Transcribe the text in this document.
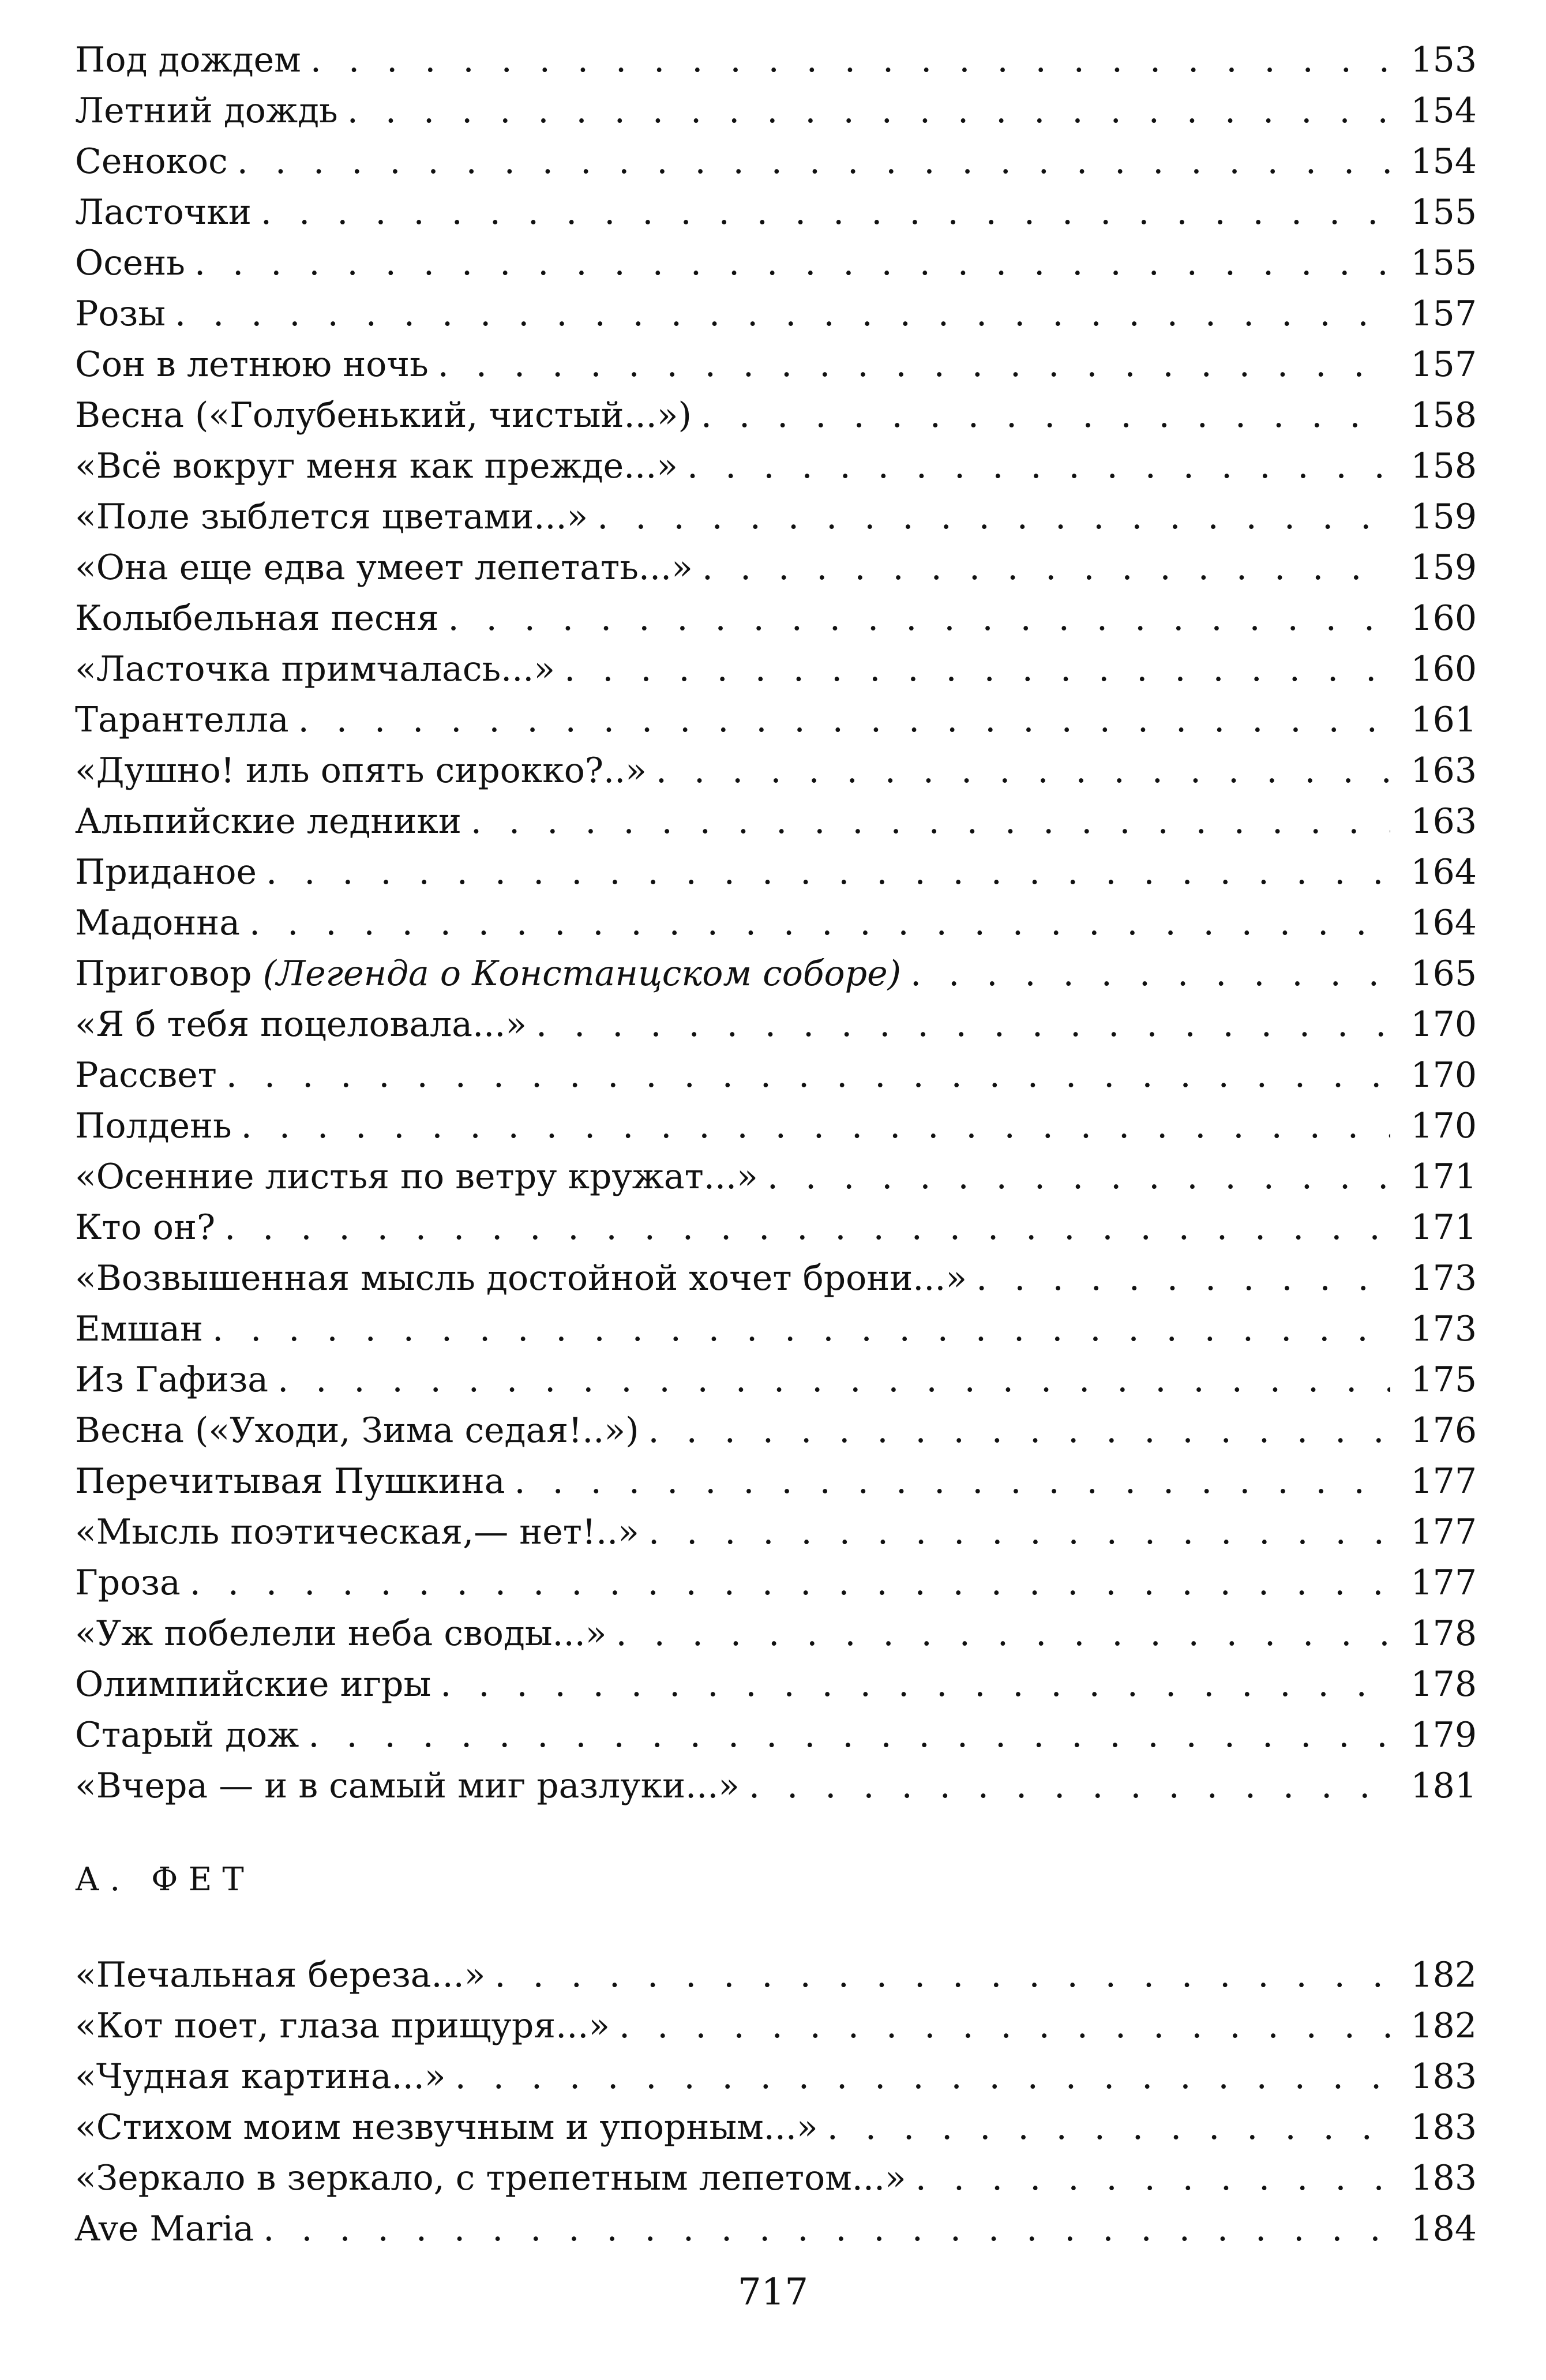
Под дождем . . .	153
Летний дождь . . .	154
Сенокос . . .	154
Ласточки . . .	155
Осень . . .	155
Розы . . .	157
Сон в летнюю ночь . . .	157
Весна («Голубенький, чистый...») . . .	158
«Всё вокруг меня как прежде...» . . .	158
«Поле зыблется цветами...» . . .	159
«Она еще едва умеет лепетать...» . . .	159
Колыбельная песня . . .	160
«Ласточка примчалась...» . . .	160
Тарантелла . . .	161
«Душно! иль опять сирокко?..» . . .	163
Альпийские ледники . . .	163
Приданое . . .	164
Мадонна . . .	164
Приговор (Легенда о Констанцском соборе) . . .	165
«Я б тебя поцеловала...» . . .	170
Рассвет . . .	170
Полдень . . .	170
«Осенние листья по ветру кружат...» . . .	171
Кто он? . . .	171
«Возвышенная мысль достойной хочет брони...» . . .	173
Емшан . . .	173
Из Гафиза . . .	175
Весна («Уходи, Зима седая!..») . . .	176
Перечитывая Пушкина . . .	177
«Мысль поэтическая,— нет!..» . . .	177
Гроза . . .	177
«Уж побелели неба своды...» . . .	178
Олимпийские игры . . .	178
Старый дож . . .	179
«Вчера — и в самый миг разлуки...» . . .	181
А. ФЕТ
«Печальная береза...» . . .	182
«Кот поет, глаза прищуря...» . . .	182
«Чудная картина...» . . .	183
«Стихом моим незвучным и упорным...» . . .	183
«Зеркало в зеркало, с трепетным лепетом...» . . .	183
Ave Maria . . .	184
717
